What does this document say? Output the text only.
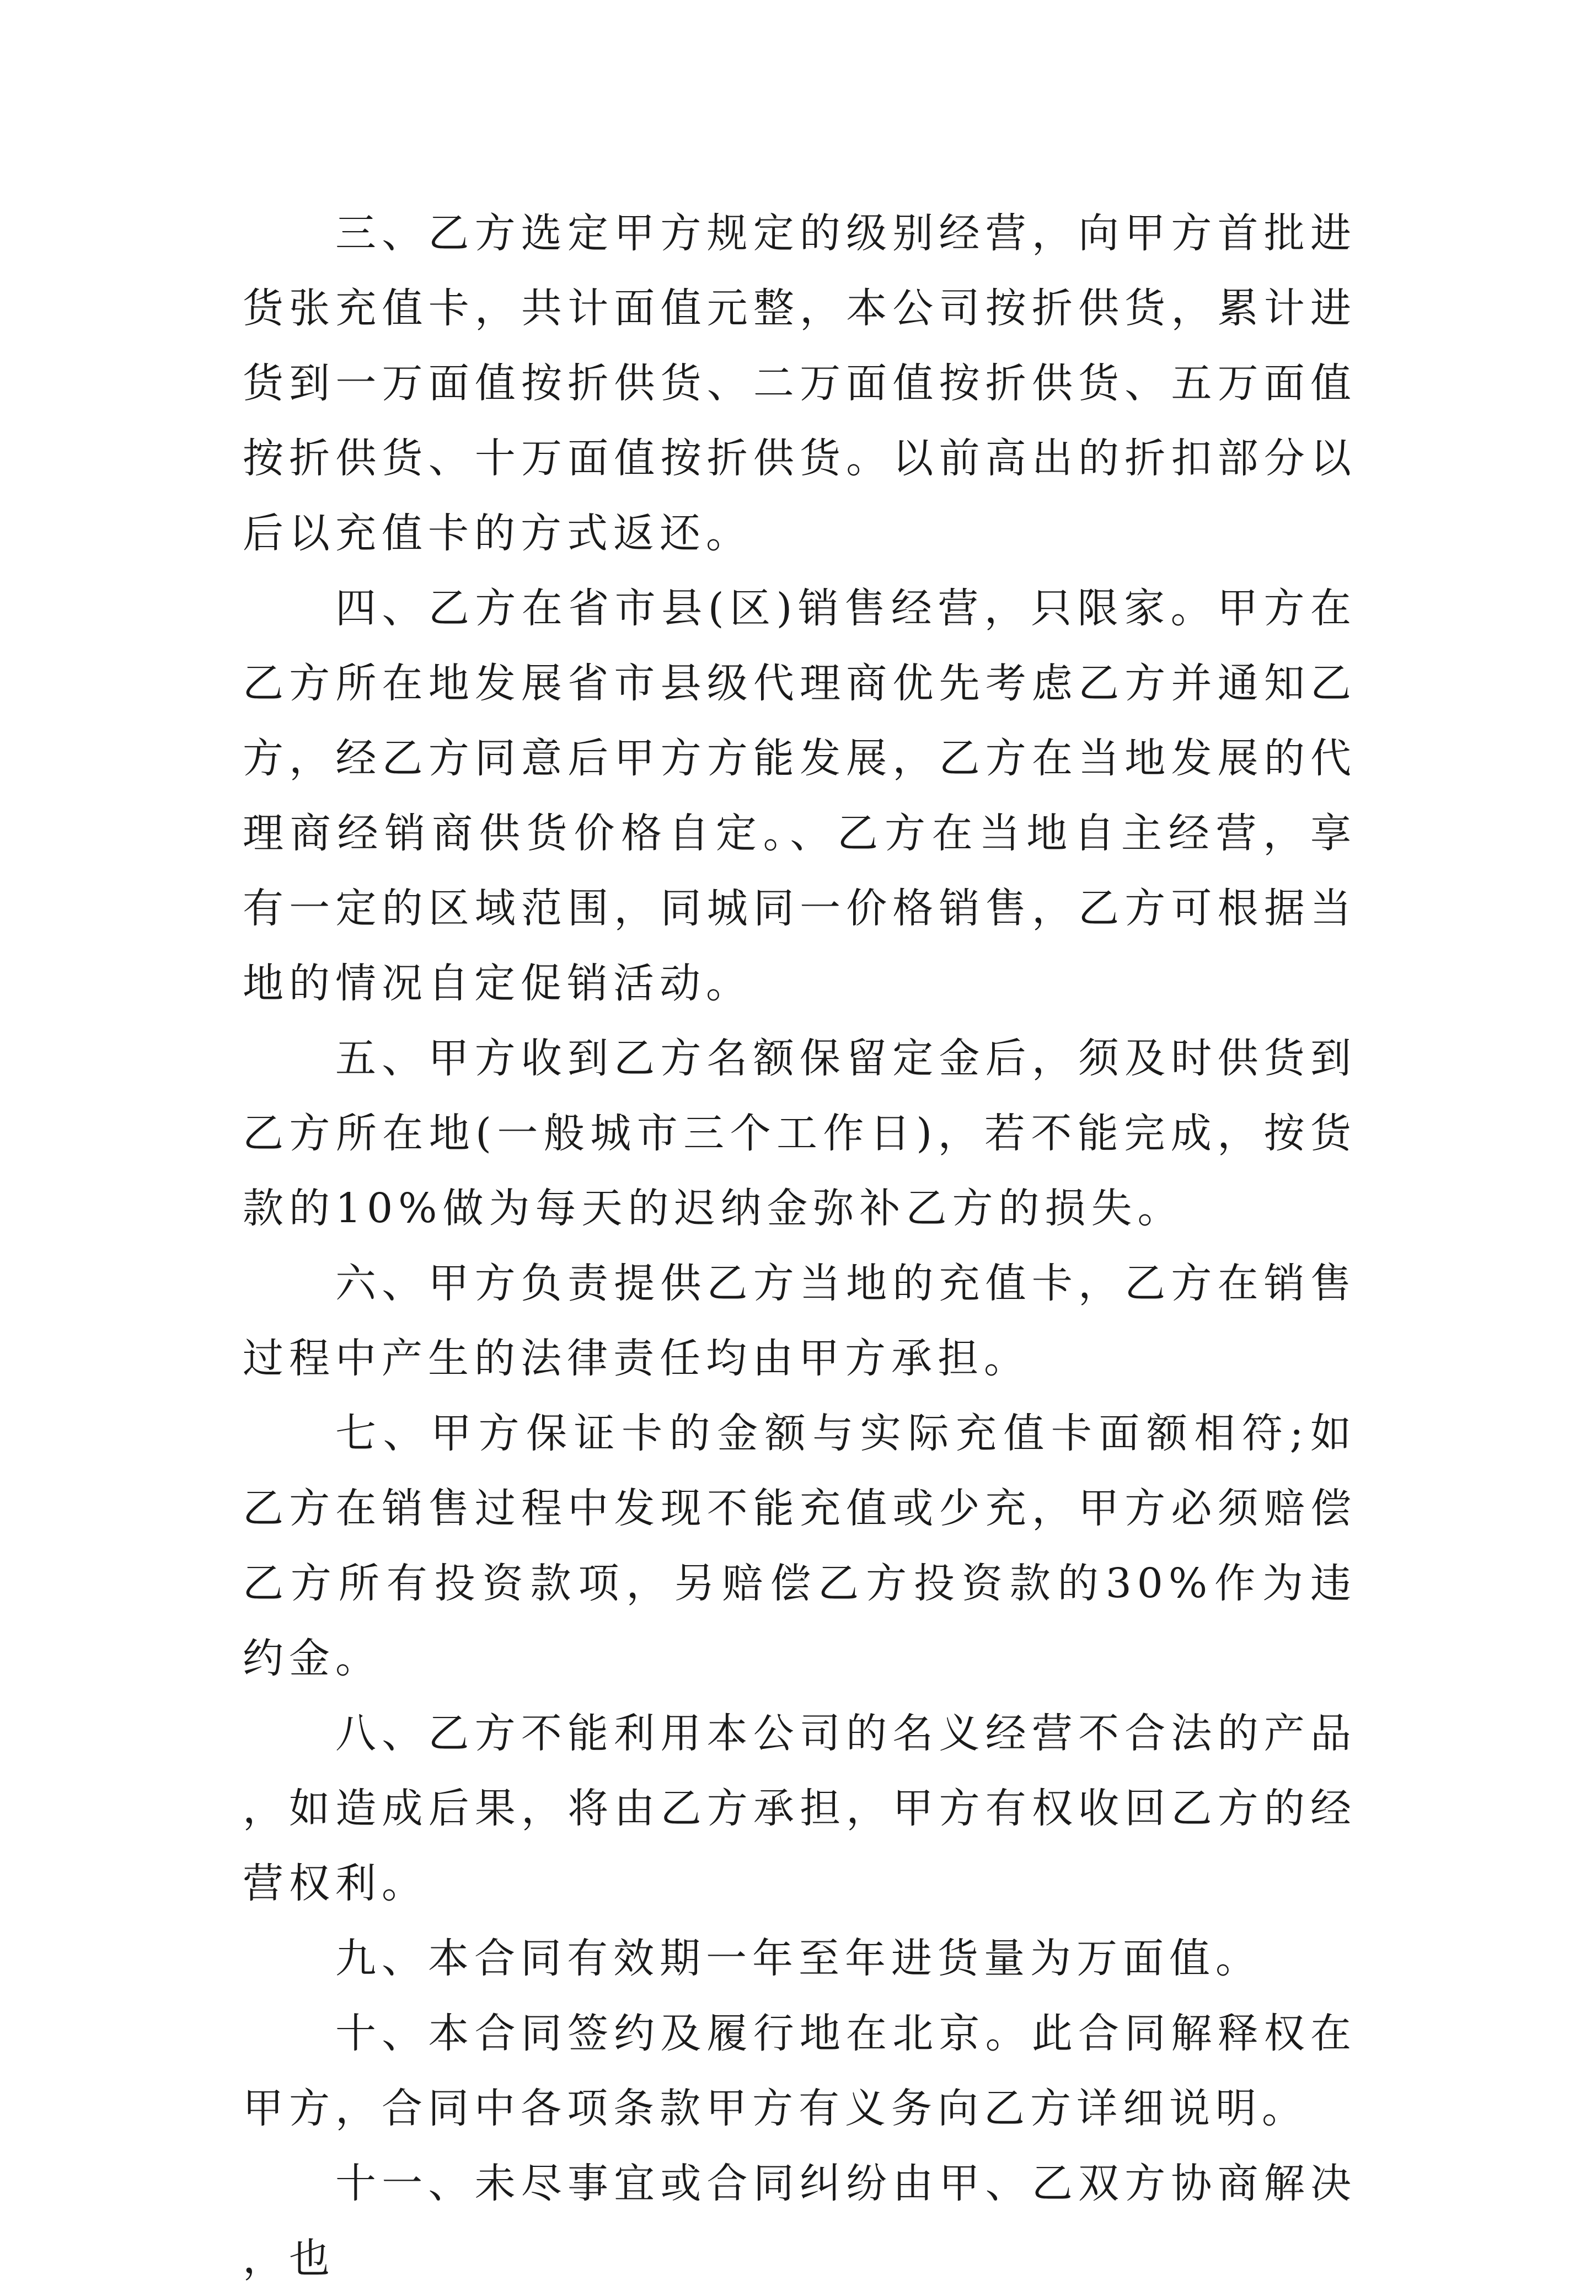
三、乙方选定甲方规定的级别经营，向甲方首批进货张充值卡，共计面值元整，本公司按折供货，累计进货到一万面值按折供货、二万面值按折供货、五万面值按折供货、十万面值按折供货。以前高出的折扣部分以后以充值卡的方式返还。

四、乙方在省市县(区)销售经营，只限家。甲方在乙方所在地发展省市县级代理商优先考虑乙方并通知乙方，经乙方同意后甲方方能发展，乙方在当地发展的代理商经销商供货价格自定。、乙方在当地自主经营，享有一定的区域范围，同城同一价格销售，乙方可根据当地的情况自定促销活动。

五、甲方收到乙方名额保留定金后，须及时供货到乙方所在地(一般城市三个工作日)，若不能完成，按货款的10%做为每天的迟纳金弥补乙方的损失。

六、甲方负责提供乙方当地的充值卡，乙方在销售过程中产生的法律责任均由甲方承担。

七、甲方保证卡的金额与实际充值卡面额相符;如乙方在销售过程中发现不能充值或少充，甲方必须赔偿乙方所有投资款项，另赔偿乙方投资款的30%作为违约金。

八、乙方不能利用本公司的名义经营不合法的产品，如造成后果，将由乙方承担，甲方有权收回乙方的经营权利。

九、本合同有效期一年至年进货量为万面值。

十、本合同签约及履行地在北京。此合同解释权在甲方，合同中各项条款甲方有义务向乙方详细说明。

十一、未尽事宜或合同纠纷由甲、乙双方协商解决，也
